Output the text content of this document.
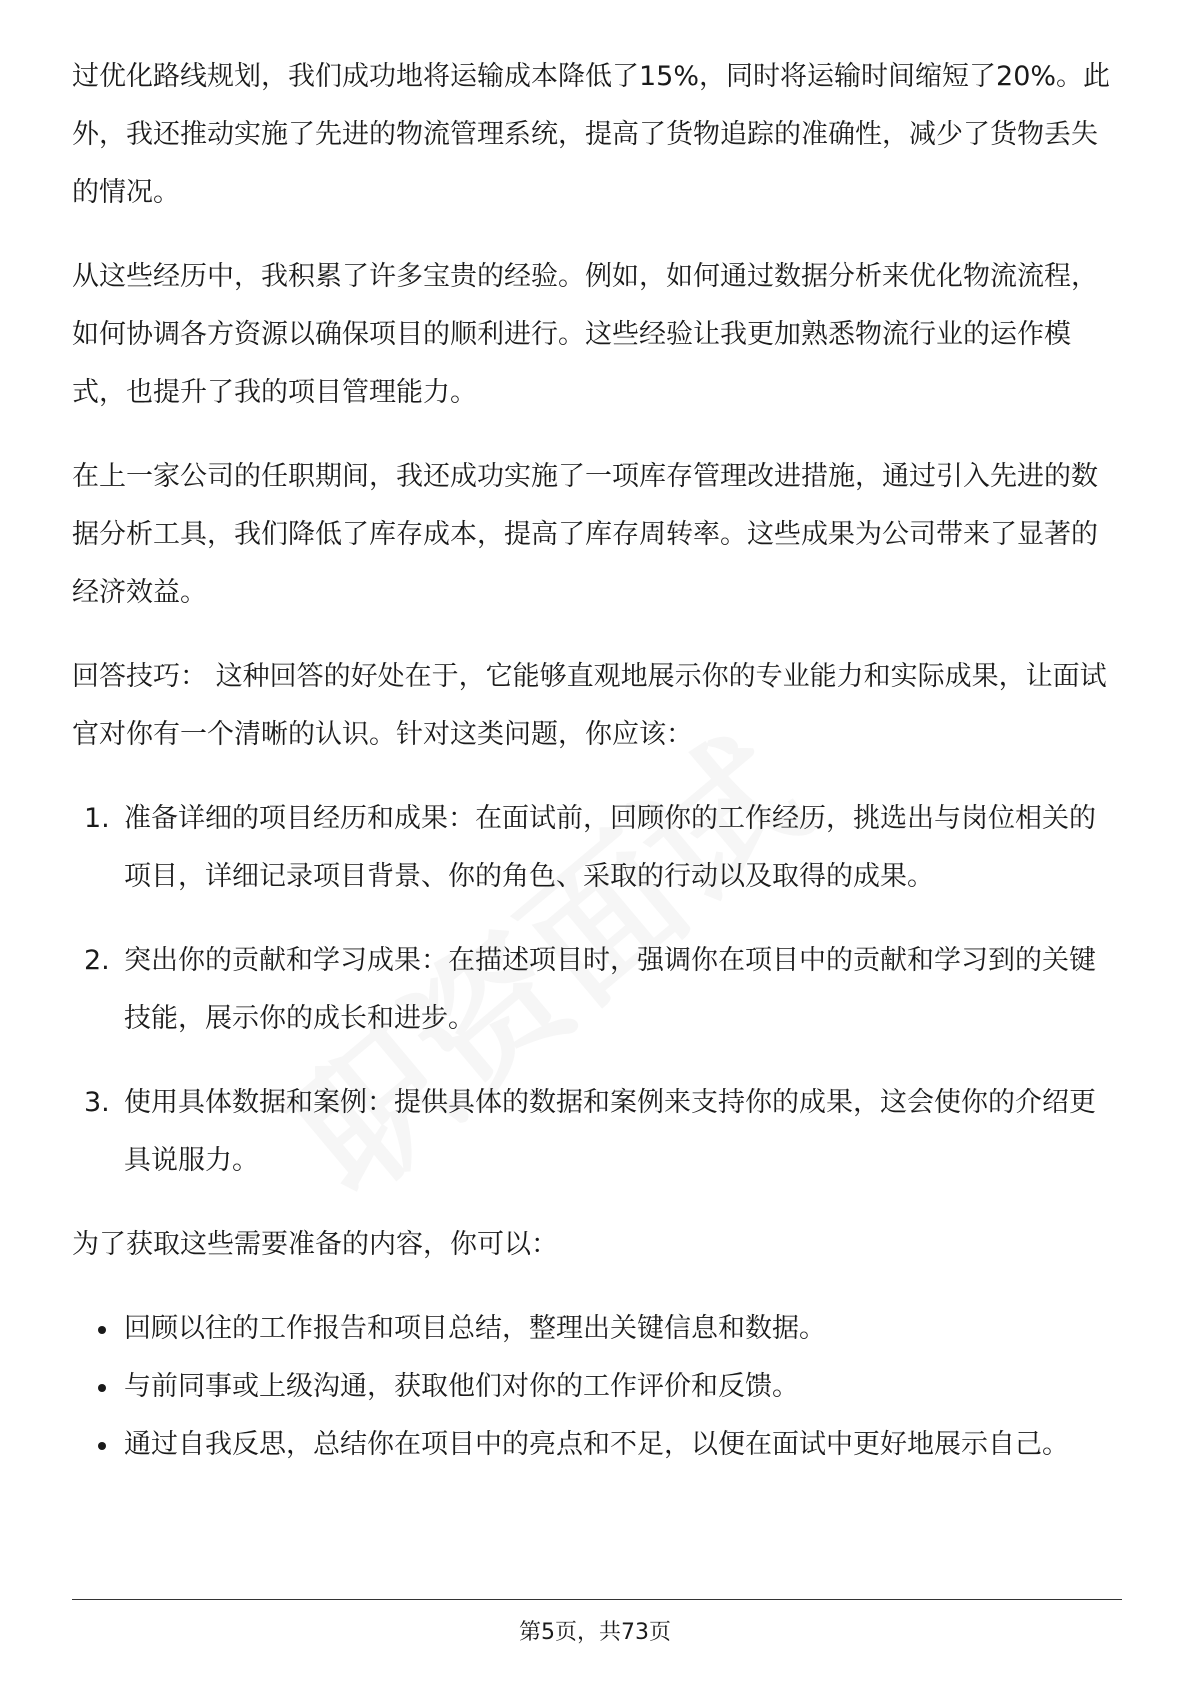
过优化路线规划，我们成功地将运输成本降低了15%，同时将运输时间缩短了20%。此外，我还推动实施了先进的物流管理系统，提高了货物追踪的准确性，减少了货物丢失的情况。

从这些经历中，我积累了许多宝贵的经验。例如，如何通过数据分析来优化物流流程，如何协调各方资源以确保项目的顺利进行。这些经验让我更加熟悉物流行业的运作模式，也提升了我的项目管理能力。

在上一家公司的任职期间，我还成功实施了一项库存管理改进措施，通过引入先进的数据分析工具，我们降低了库存成本，提高了库存周转率。这些成果为公司带来了显著的经济效益。

回答技巧： 这种回答的好处在于，它能够直观地展示你的专业能力和实际成果，让面试官对你有一个清晰的认识。针对这类问题，你应该：

1. 准备详细的项目经历和成果：在面试前，回顾你的工作经历，挑选出与岗位相关的项目，详细记录项目背景、你的角色、采取的行动以及取得的成果。
2. 突出你的贡献和学习成果：在描述项目时，强调你在项目中的贡献和学习到的关键技能，展示你的成长和进步。
3. 使用具体数据和案例：提供具体的数据和案例来支持你的成果，这会使你的介绍更具说服力。

为了获取这些需要准备的内容，你可以：

回顾以往的工作报告和项目总结，整理出关键信息和数据。
与前同事或上级沟通，获取他们对你的工作评价和反馈。
通过自我反思，总结你在项目中的亮点和不足，以便在面试中更好地展示自己。
第5页，共73页
